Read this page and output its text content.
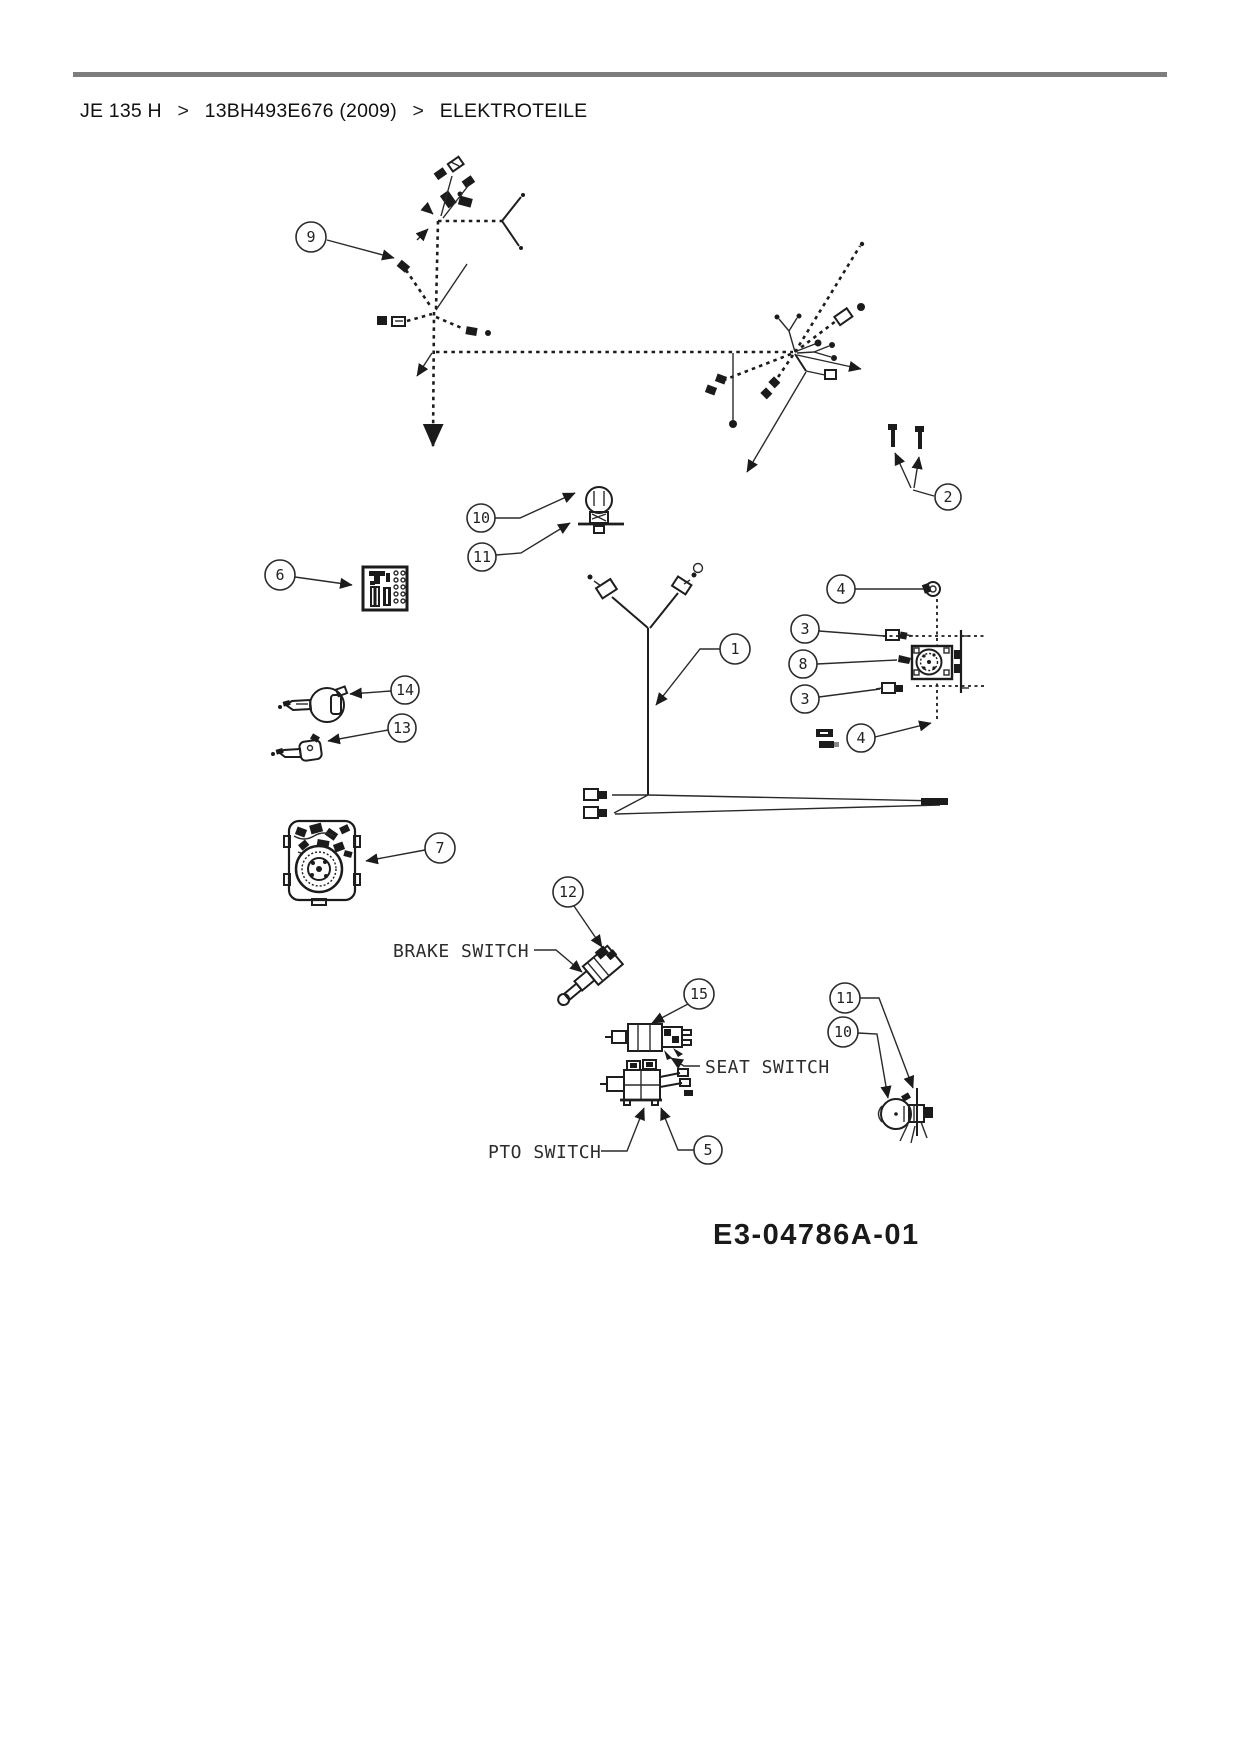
JE 135 H > 13BH493E676 (2009) > ELEKTROTEILE
2
10
11
6
14
13
7
BRAKE SWITCH
12
15
SEAT SWITCH
PTO SWITCH	5
11
10
1
4
3
8
3
4
9
E3-04786A-01
